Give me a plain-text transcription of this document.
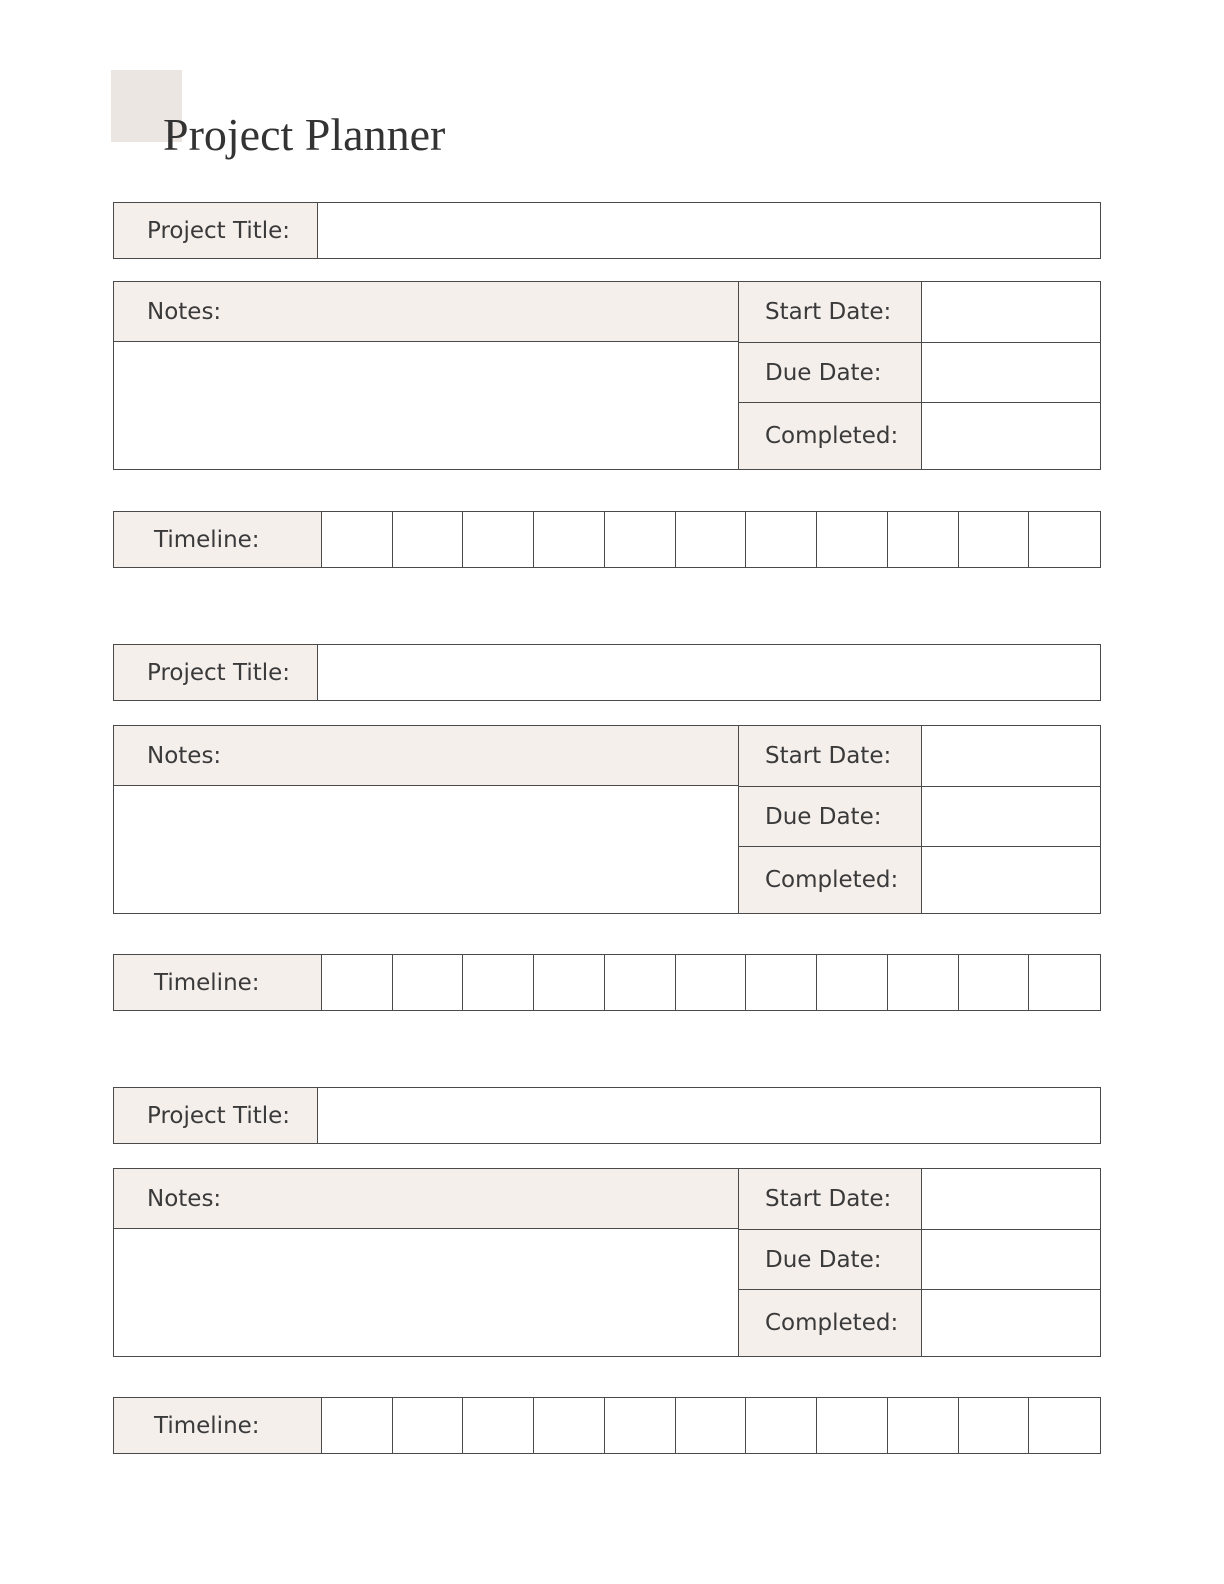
Project Planner
Project Title:
Notes:	Start Date:
Due Date:
Completed:
Timeline:
Project Title:
Notes:	Start Date:
Due Date:
Completed:
Timeline:
Project Title:
Notes:	Start Date:
Due Date:
Completed:
Timeline:
